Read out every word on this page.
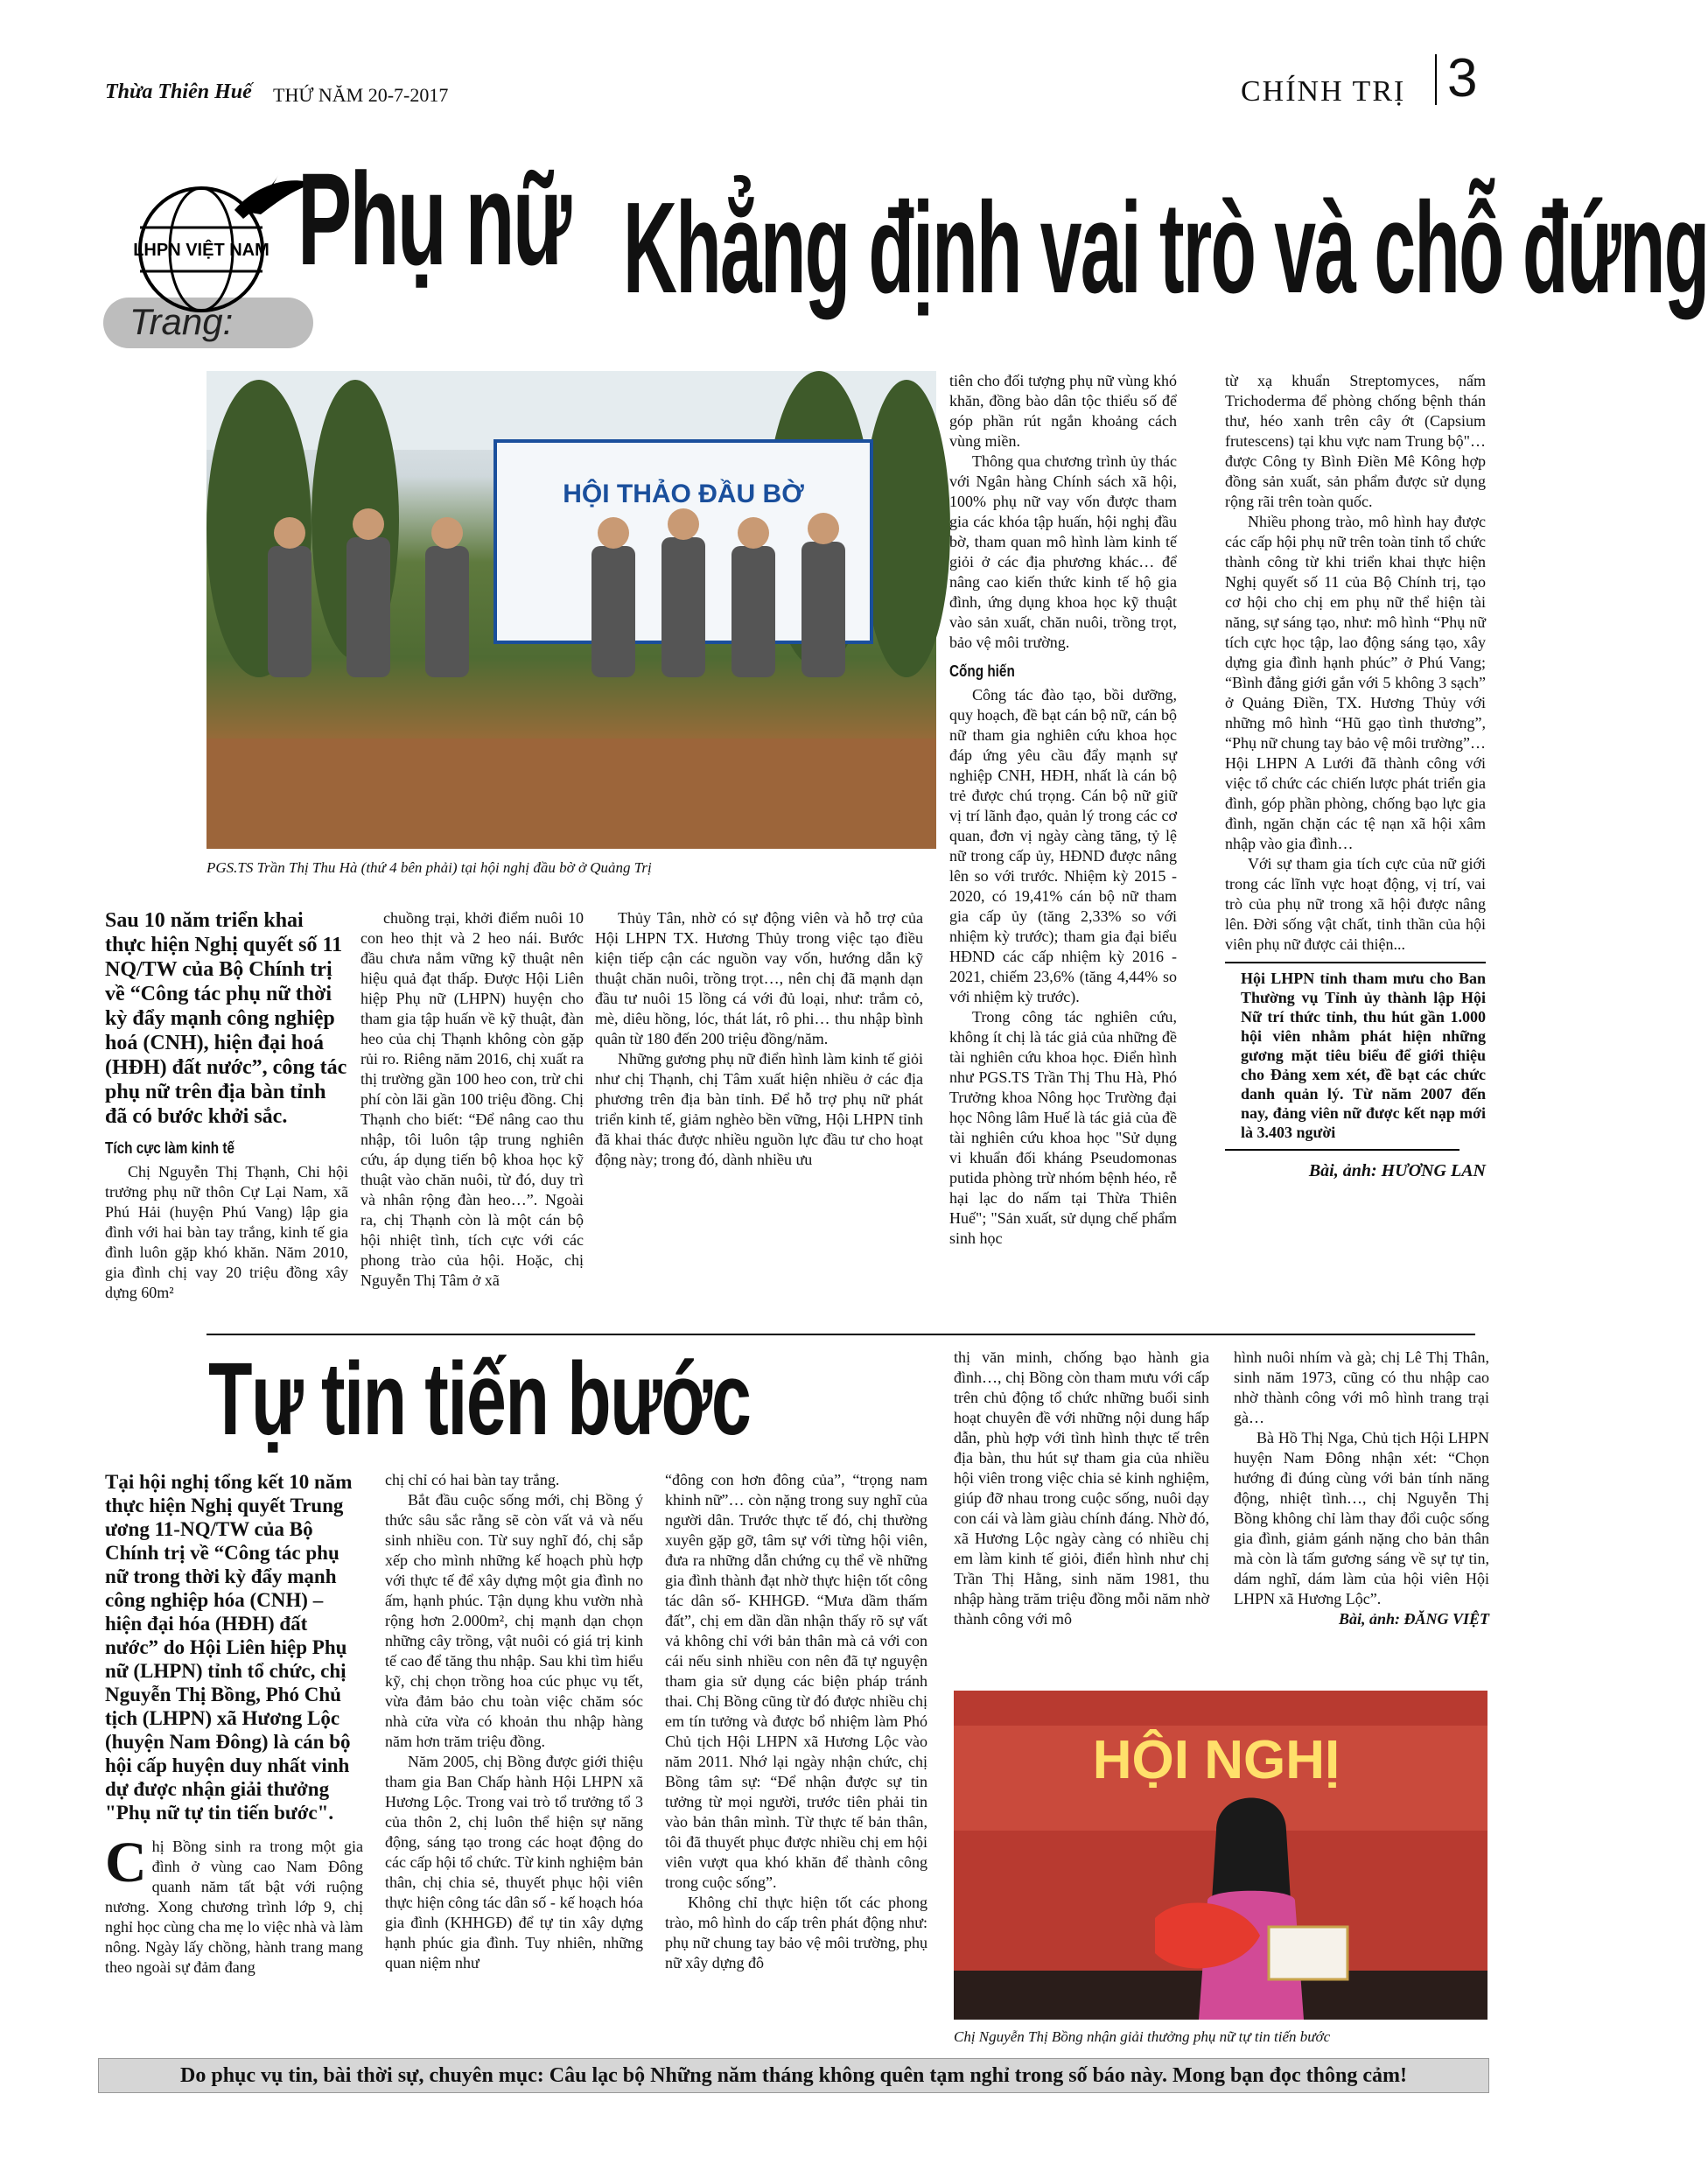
Thừa Thiên Huế THỨ NĂM 20-7-2017	CHÍNH TRỊ 3
LHPN VIỆT NAM
Trang:
Phụ nữ Khẳng định vai trò và chỗ đứng
HỘI THẢO ĐẦU BỜ
PGS.TS Trần Thị Thu Hà (thứ 4 bên phải) tại hội nghị đầu bờ ở Quảng Trị

Sau 10 năm triển khai thực hiện Nghị quyết số 11 NQ/TW của Bộ Chính trị về “Công tác phụ nữ thời kỳ đẩy mạnh công nghiệp hoá (CNH), hiện đại hoá (HĐH) đất nước”, công tác phụ nữ trên địa bàn tỉnh đã có bước khởi sắc.

Tích cực làm kinh tế

Chị Nguyễn Thị Thạnh, Chi hội trưởng phụ nữ thôn Cự Lại Nam, xã Phú Hải (huyện Phú Vang) lập gia đình với hai bàn tay trắng, kinh tế gia đình luôn gặp khó khăn. Năm 2010, gia đình chị vay 20 triệu đồng xây dựng 60m²

chuồng trại, khởi điểm nuôi 10 con heo thịt và 2 heo nái. Bước đầu chưa nắm vững kỹ thuật nên hiệu quả đạt thấp. Được Hội Liên hiệp Phụ nữ (LHPN) huyện cho tham gia tập huấn về kỹ thuật, đàn heo của chị Thạnh không còn gặp rủi ro. Riêng năm 2016, chị xuất ra thị trường gần 100 heo con, trừ chi phí còn lãi gần 100 triệu đồng. Chị Thạnh cho biết: “Để nâng cao thu nhập, tôi luôn tập trung nghiên cứu, áp dụng tiến bộ khoa học kỹ thuật vào chăn nuôi, từ đó, duy trì và nhân rộng đàn heo…”. Ngoài ra, chị Thạnh còn là một cán bộ hội nhiệt tình, tích cực với các phong trào của hội. Hoặc, chị Nguyễn Thị Tâm ở xã

Thủy Tân, nhờ có sự động viên và hỗ trợ của Hội LHPN TX. Hương Thủy trong việc tạo điều kiện tiếp cận các nguồn vay vốn, hướng dẫn kỹ thuật chăn nuôi, trồng trọt…, nên chị đã mạnh dạn đầu tư nuôi 15 lồng cá với đủ loại, như: trắm cỏ, mè, diêu hồng, lóc, thát lát, rô phi… thu nhập bình quân từ 180 đến 200 triệu đồng/năm.

Những gương phụ nữ điển hình làm kinh tế giỏi như chị Thạnh, chị Tâm xuất hiện nhiều ở các địa phương trên địa bàn tỉnh. Để hỗ trợ phụ nữ phát triển kinh tế, giảm nghèo bền vững, Hội LHPN tỉnh đã khai thác được nhiều nguồn lực đầu tư cho hoạt động này; trong đó, dành nhiều ưu

tiên cho đối tượng phụ nữ vùng khó khăn, đồng bào dân tộc thiểu số để góp phần rút ngắn khoảng cách vùng miền.

Thông qua chương trình ủy thác với Ngân hàng Chính sách xã hội, 100% phụ nữ vay vốn được tham gia các khóa tập huấn, hội nghị đầu bờ, tham quan mô hình làm kinh tế giỏi ở các địa phương khác… để nâng cao kiến thức kinh tế hộ gia đình, ứng dụng khoa học kỹ thuật vào sản xuất, chăn nuôi, trồng trọt, bảo vệ môi trường.

Cống hiến

Công tác đào tạo, bồi dưỡng, quy hoạch, đề bạt cán bộ nữ, cán bộ nữ tham gia nghiên cứu khoa học đáp ứng yêu cầu đẩy mạnh sự nghiệp CNH, HĐH, nhất là cán bộ trẻ được chú trọng. Cán bộ nữ giữ vị trí lãnh đạo, quản lý trong các cơ quan, đơn vị ngày càng tăng, tỷ lệ nữ trong cấp ủy, HĐND được nâng lên so với trước. Nhiệm kỳ 2015 - 2020, có 19,41% cán bộ nữ tham gia cấp ủy (tăng 2,33% so với nhiệm kỳ trước); tham gia đại biểu HĐND các cấp nhiệm kỳ 2016 - 2021, chiếm 23,6% (tăng 4,44% so với nhiệm kỳ trước).

Trong công tác nghiên cứu, không ít chị là tác giả của những đề tài nghiên cứu khoa học. Điển hình như PGS.TS Trần Thị Thu Hà, Phó Trưởng khoa Nông học Trường đại học Nông lâm Huế là tác giả của đề tài nghiên cứu khoa học "Sử dụng vi khuẩn đối kháng Pseudomonas putida phòng trừ nhóm bệnh héo, rễ hại lạc do nấm tại Thừa Thiên Huế"; "Sản xuất, sử dụng chế phẩm sinh học

từ xạ khuẩn Streptomyces, nấm Trichoderma để phòng chống bệnh thán thư, héo xanh trên cây ớt (Capsium frutescens) tại khu vực nam Trung bộ"… được Công ty Bình Điền Mê Kông hợp đồng sản xuất, sản phẩm được sử dụng rộng rãi trên toàn quốc.

Nhiều phong trào, mô hình hay được các cấp hội phụ nữ trên toàn tỉnh tổ chức thành công từ khi triển khai thực hiện Nghị quyết số 11 của Bộ Chính trị, tạo cơ hội cho chị em phụ nữ thể hiện tài năng, sự sáng tạo, như: mô hình “Phụ nữ tích cực học tập, lao động sáng tạo, xây dựng gia đình hạnh phúc” ở Phú Vang; “Bình đẳng giới gắn với 5 không 3 sạch” ở Quảng Điền, TX. Hương Thủy với những mô hình “Hũ gạo tình thương”, “Phụ nữ chung tay bảo vệ môi trường”… Hội LHPN A Lưới đã thành công với việc tổ chức các chiến lược phát triển gia đình, góp phần phòng, chống bạo lực gia đình, ngăn chặn các tệ nạn xã hội xâm nhập vào gia đình…

Với sự tham gia tích cực của nữ giới trong các lĩnh vực hoạt động, vị trí, vai trò của phụ nữ trong xã hội được nâng lên. Đời sống vật chất, tinh thần của hội viên phụ nữ được cải thiện...

Hội LHPN tỉnh tham mưu cho Ban Thường vụ Tỉnh ủy thành lập Hội Nữ trí thức tỉnh, thu hút gần 1.000 hội viên nhằm phát hiện những gương mặt tiêu biểu để giới thiệu cho Đảng xem xét, đề bạt các chức danh quản lý. Từ năm 2007 đến nay, đảng viên nữ được kết nạp mới là 3.403 người

Bài, ảnh: HƯƠNG LAN

Tự tin tiến bước

Tại hội nghị tổng kết 10 năm thực hiện Nghị quyết Trung ương 11-NQ/TW của Bộ Chính trị về “Công tác phụ nữ trong thời kỳ đẩy mạnh công nghiệp hóa (CNH) – hiện đại hóa (HĐH) đất nước” do Hội Liên hiệp Phụ nữ (LHPN) tỉnh tổ chức, chị Nguyễn Thị Bồng, Phó Chủ tịch (LHPN) xã Hương Lộc (huyện Nam Đông) là cán bộ hội cấp huyện duy nhất vinh dự được nhận giải thưởng "Phụ nữ tự tin tiến bước".

C hị Bồng sinh ra trong một gia đình ở vùng cao Nam Đông quanh năm tất bật với ruộng nương. Xong chương trình lớp 9, chị nghỉ học cùng cha mẹ lo việc nhà và làm nông. Ngày lấy chồng, hành trang mang theo ngoài sự đảm đang

chị chỉ có hai bàn tay trắng.

Bắt đầu cuộc sống mới, chị Bồng ý thức sâu sắc rằng sẽ còn vất vả và nếu sinh nhiều con. Từ suy nghĩ đó, chị sắp xếp cho mình những kế hoạch phù hợp với thực tế để xây dựng một gia đình no ấm, hạnh phúc. Tận dụng khu vườn nhà rộng hơn 2.000m², chị mạnh dạn chọn những cây trồng, vật nuôi có giá trị kinh tế cao để tăng thu nhập. Sau khi tìm hiểu kỹ, chị chọn trồng hoa cúc phục vụ tết, vừa đảm bảo chu toàn việc chăm sóc nhà cửa vừa có khoản thu nhập hàng năm hơn trăm triệu đồng.

Năm 2005, chị Bồng được giới thiệu tham gia Ban Chấp hành Hội LHPN xã Hương Lộc. Trong vai trò tổ trưởng tổ 3 của thôn 2, chị luôn thể hiện sự năng động, sáng tạo trong các hoạt động do các cấp hội tổ chức. Từ kinh nghiệm bản thân, chị chia sẻ, thuyết phục hội viên thực hiện công tác dân số - kế hoạch hóa gia đình (KHHGĐ) để tự tin xây dựng hạnh phúc gia đình. Tuy nhiên, những quan niệm như

“đông con hơn đông của”, “trọng nam khinh nữ”… còn nặng trong suy nghĩ của người dân. Trước thực tế đó, chị thường xuyên gặp gỡ, tâm sự với từng hội viên, đưa ra những dẫn chứng cụ thể về những gia đình thành đạt nhờ thực hiện tốt công tác dân số- KHHGĐ. “Mưa dầm thấm đất”, chị em dần dần nhận thấy rõ sự vất vả không chỉ với bản thân mà cả với con cái nếu sinh nhiều con nên đã tự nguyện tham gia sử dụng các biện pháp tránh thai. Chị Bồng cũng từ đó được nhiều chị em tín tưởng và được bổ nhiệm làm Phó Chủ tịch Hội LHPN xã Hương Lộc vào năm 2011. Nhớ lại ngày nhận chức, chị Bồng tâm sự: “Để nhận được sự tin tưởng từ mọi người, trước tiên phải tin vào bản thân mình. Từ thực tế bản thân, tôi đã thuyết phục được nhiều chị em hội viên vượt qua khó khăn để thành công trong cuộc sống”.

Không chỉ thực hiện tốt các phong trào, mô hình do cấp trên phát động như: phụ nữ chung tay bảo vệ môi trường, phụ nữ xây dựng đô

thị văn minh, chống bạo hành gia đình…, chị Bồng còn tham mưu với cấp trên chủ động tổ chức những buổi sinh hoạt chuyên đề với những nội dung hấp dẫn, phù hợp với tình hình thực tế trên địa bàn, thu hút sự tham gia của nhiều hội viên trong việc chia sẻ kinh nghiệm, giúp đỡ nhau trong cuộc sống, nuôi dạy con cái và làm giàu chính đáng. Nhờ đó, xã Hương Lộc ngày càng có nhiều chị em làm kinh tế giỏi, điển hình như chị Trần Thị Hằng, sinh năm 1981, thu nhập hàng trăm triệu đồng mỗi năm nhờ thành công với mô

hình nuôi nhím và gà; chị Lê Thị Thân, sinh năm 1973, cũng có thu nhập cao nhờ thành công với mô hình trang trại gà…

Bà Hồ Thị Nga, Chủ tịch Hội LHPN huyện Nam Đông nhận xét: “Chọn hướng đi đúng cùng với bản tính năng động, nhiệt tình…, chị Nguyễn Thị Bồng không chỉ làm thay đổi cuộc sống gia đình, giảm gánh nặng cho bản thân mà còn là tấm gương sáng về sự tự tin, dám nghĩ, dám làm của hội viên Hội LHPN xã Hương Lộc”.

Bài, ảnh: ĐĂNG VIỆT

HỘI NGHỊ
Chị Nguyễn Thị Bồng nhận giải thưởng phụ nữ tự tin tiến bước
Do phục vụ tin, bài thời sự, chuyên mục: Câu lạc bộ Những năm tháng không quên tạm nghỉ trong số báo này. Mong bạn đọc thông cảm!
